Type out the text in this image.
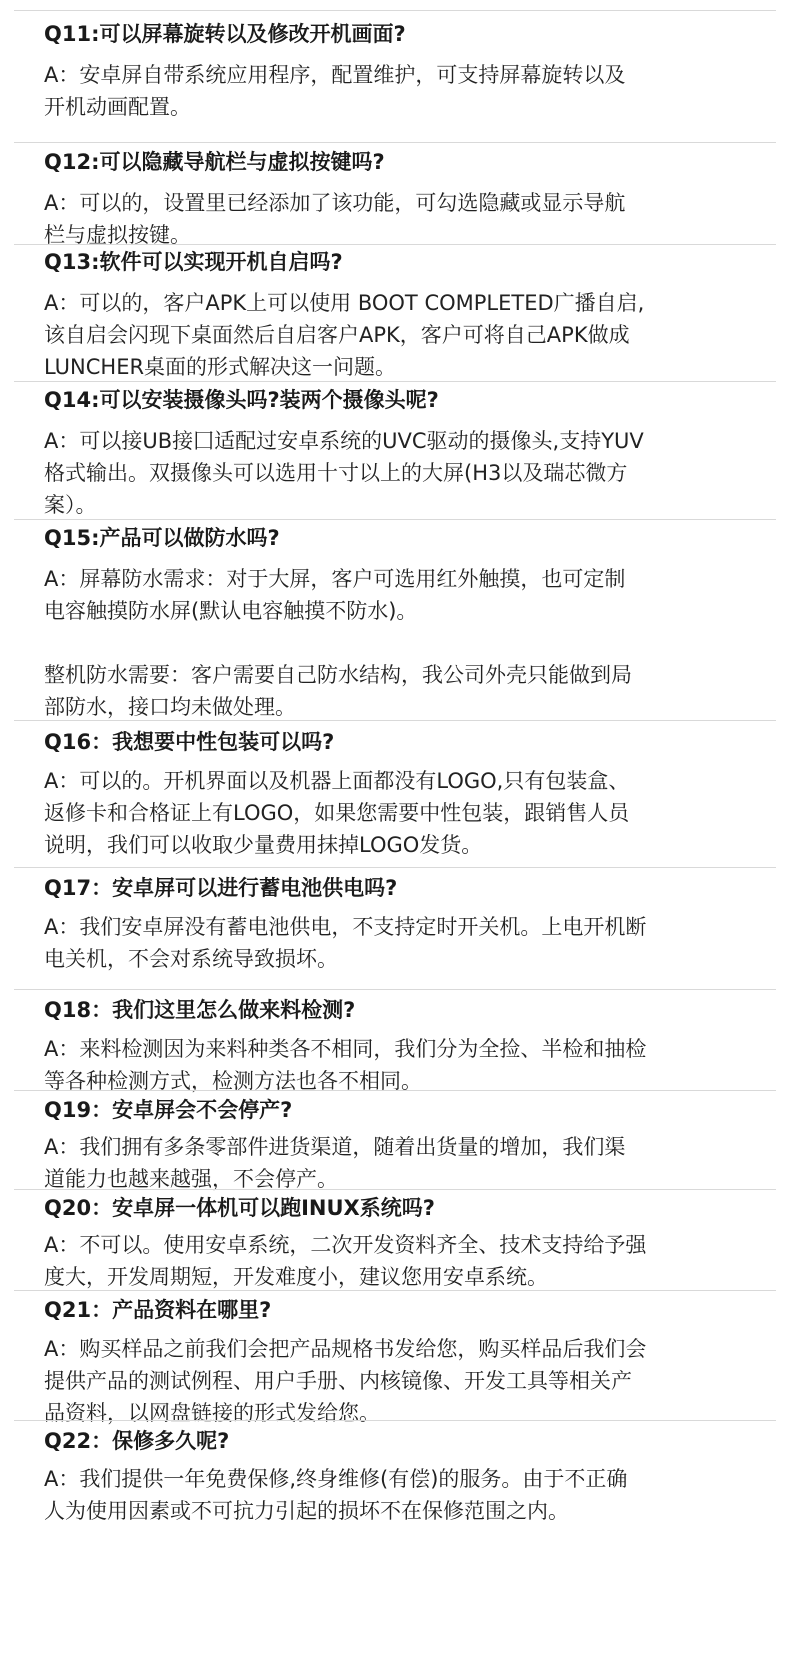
Q11:可以屏幕旋转以及修改开机画面?

A：安卓屏自带系统应用程序，配置维护，可支持屏幕旋转以及
开机动画配置。

Q12:可以隐藏导航栏与虚拟按键吗?

A：可以的，设置里已经添加了该功能，可勾选隐藏或显示导航
栏与虚拟按键。

Q13:软件可以实现开机自启吗?

A：可以的，客户APK上可以使用 BOOT COMPLETED广播自启,
该自启会闪现下桌面然后自启客户APK，客户可将自己APK做成
LUNCHER桌面的形式解决这一问题。

Q14:可以安装摄像头吗?装两个摄像头呢?

A：可以接UB接囗适配过安卓系统的UVC驱动的摄像头,支持YUV
格式输出。双摄像头可以选用十寸以上的大屏(H3以及瑞芯微方
案）。

Q15:产品可以做防水吗?

A：屏幕防水需求：对于大屏，客户可选用红外触摸，也可定制
电容触摸防水屏(默认电容触摸不防水)。
整机防水需要：客户需要自己防水结构，我公司外壳只能做到局
部防水，接口均未做处理。

Q16：我想要中性包装可以吗?

A：可以的。开机界面以及机器上面都没有LOGO,只有包装盒、
返修卡和合格证上有LOGO，如果您需要中性包装，跟销售人员
说明，我们可以收取少量费用抹掉LOGO发货。

Q17：安卓屏可以进行蓄电池供电吗?

A：我们安卓屏没有蓄电池供电，不支持定时开关机。上电开机断
电关机，不会对系统导致损坏。

Q18：我们这里怎么做来料检测?

A：来料检测因为来料种类各不相同，我们分为全捡、半检和抽检
等各种检测方式，检测方法也各不相同。

Q19：安卓屏会不会停产?

A：我们拥有多条零部件进货渠道，随着出货量的增加，我们渠
道能力也越来越强，不会停产。

Q20：安卓屏一体机可以跑INUX系统吗?

A：不可以。使用安卓系统，二次开发资料齐全、技术支持给予强
度大，开发周期短，开发难度小，建议您用安卓系统。

Q21：产品资料在哪里?

A：购买样品之前我们会把产品规格书发给您，购买样品后我们会
提供产品的测试例程、用户手册、内核镜像、开发工具等相关产
品资料，以网盘链接的形式发给您。

Q22：保修多久呢?

A：我们提供一年免费保修,终身维修(有偿)的服务。由于不正确
人为使用因素或不可抗力引起的损坏不在保修范围之内。
